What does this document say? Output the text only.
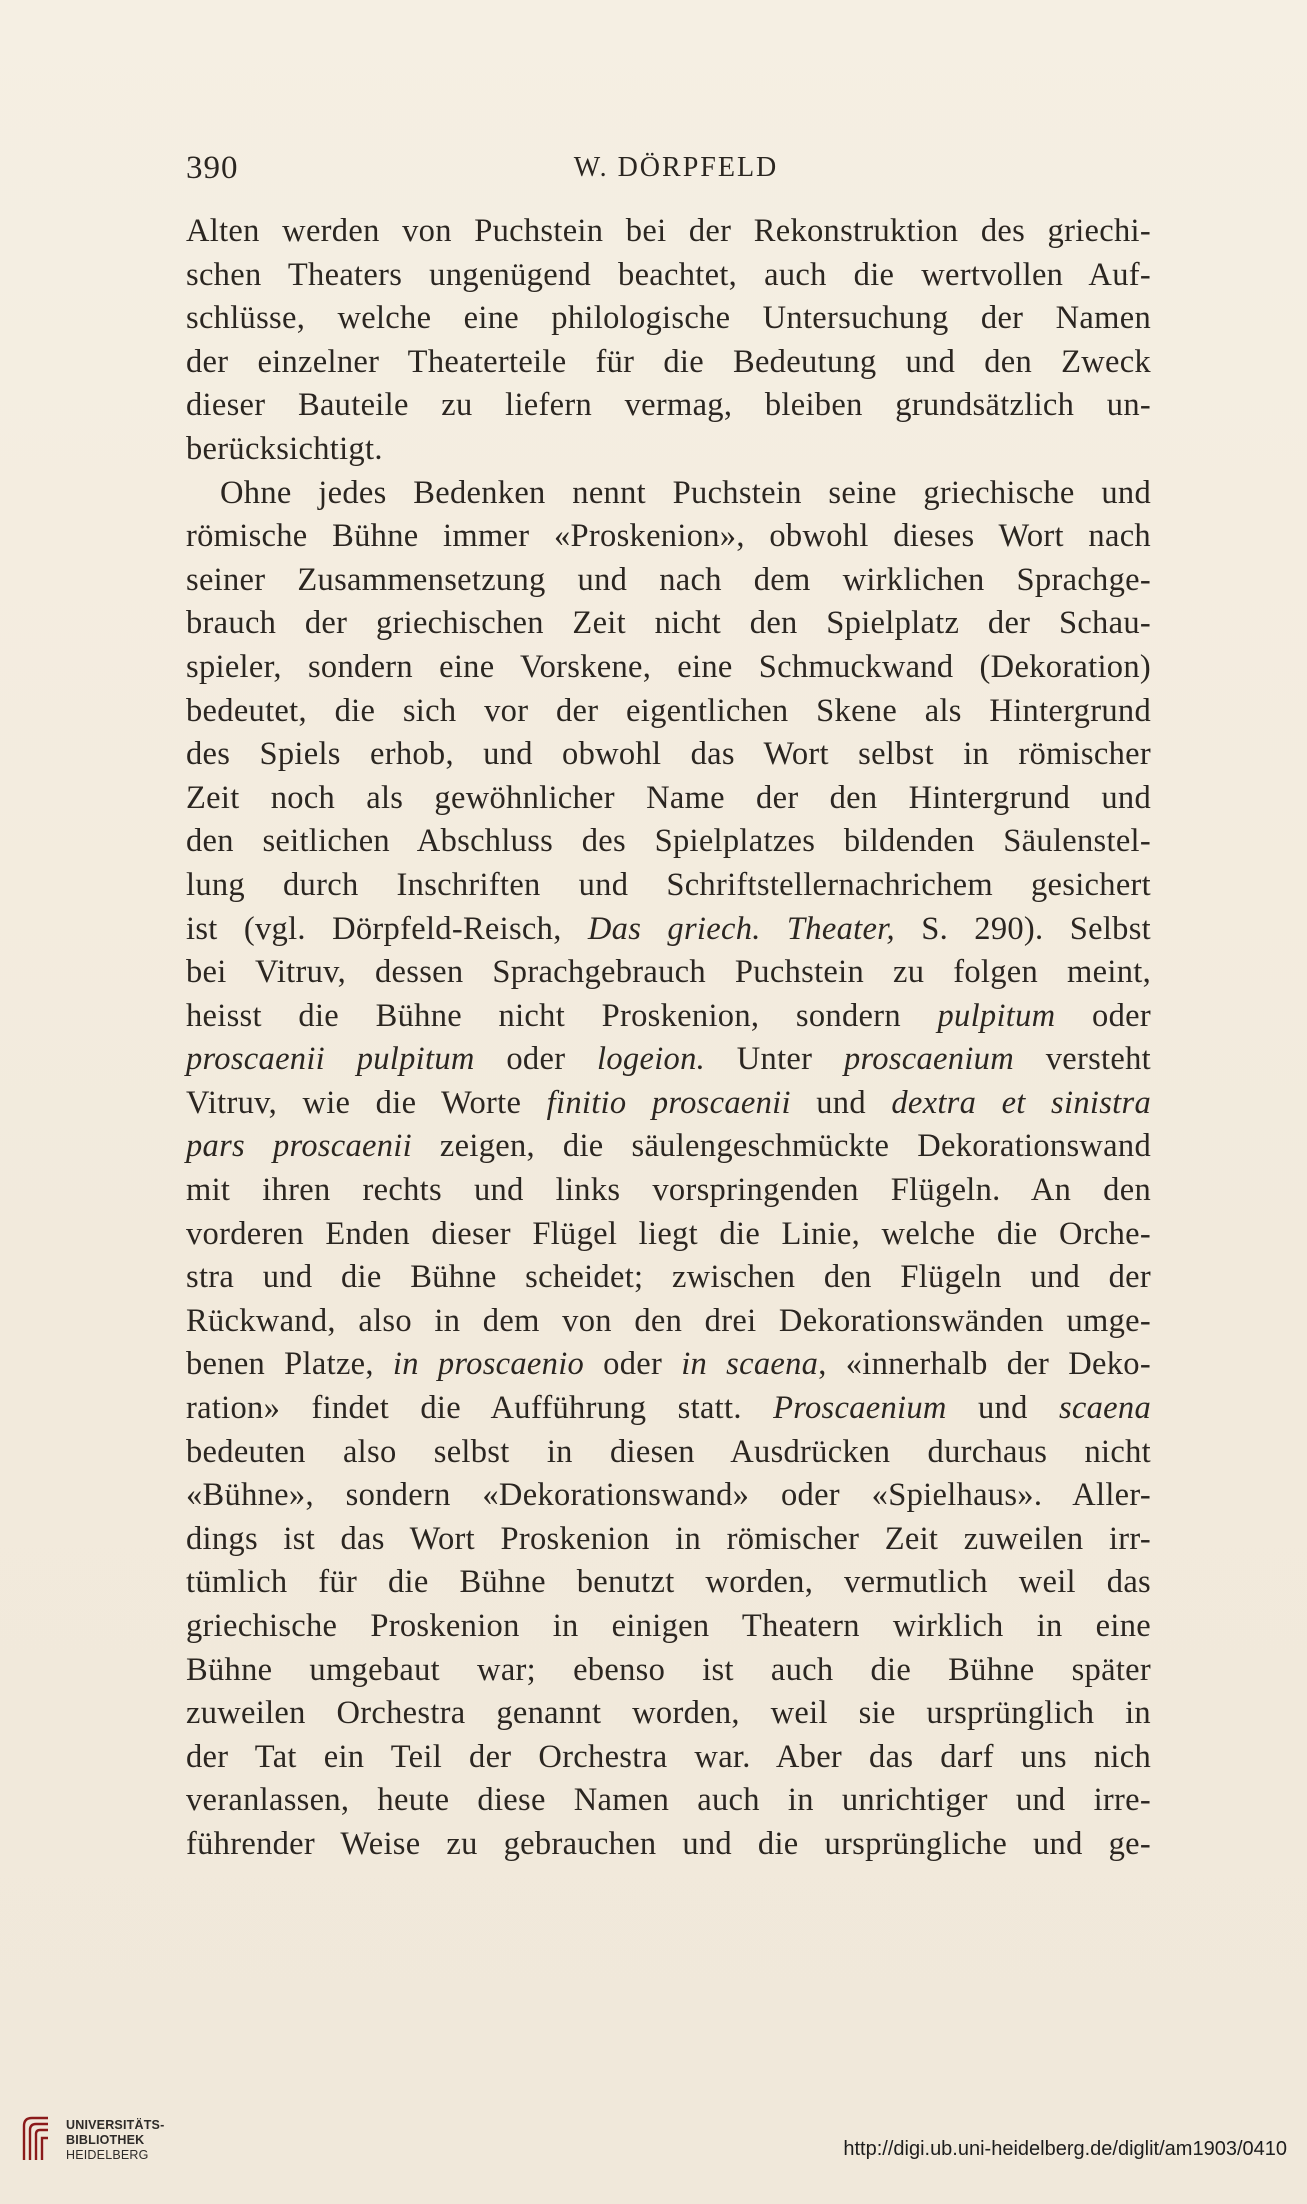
390	W. DÖRPFELD
Alten werden von Puchstein bei der Rekonstruktion des griechi-
schen Theaters ungenügend beachtet, auch die wertvollen Auf-
schlüsse, welche eine philologische Untersuchung der Namen
der einzelner Theaterteile für die Bedeutung und den Zweck
dieser Bauteile zu liefern vermag, bleiben grundsätzlich un-
berücksichtigt.
Ohne jedes Bedenken nennt Puchstein seine griechische und
römische Bühne immer «Proskenion», obwohl dieses Wort nach
seiner Zusammensetzung und nach dem wirklichen Sprachge-
brauch der griechischen Zeit nicht den Spielplatz der Schau-
spieler, sondern eine Vorskene, eine Schmuckwand (Dekoration)
bedeutet, die sich vor der eigentlichen Skene als Hintergrund
des Spiels erhob, und obwohl das Wort selbst in römischer
Zeit noch als gewöhnlicher Name der den Hintergrund und
den seitlichen Abschluss des Spielplatzes bildenden Säulenstel-
lung durch Inschriften und Schriftstellernachrichem gesichert
ist (vgl. Dörpfeld-Reisch, Das griech. Theater, S. 290). Selbst
bei Vitruv, dessen Sprachgebrauch Puchstein zu folgen meint,
heisst die Bühne nicht Proskenion, sondern pulpitum oder
proscaenii pulpitum oder logeion. Unter proscaenium versteht
Vitruv, wie die Worte finitio proscaenii und dextra et sinistra
pars proscaenii zeigen, die säulengeschmückte Dekorationswand
mit ihren rechts und links vorspringenden Flügeln. An den
vorderen Enden dieser Flügel liegt die Linie, welche die Orche-
stra und die Bühne scheidet; zwischen den Flügeln und der
Rückwand, also in dem von den drei Dekorationswänden umge-
benen Platze, in proscaenio oder in scaena, «innerhalb der Deko-
ration» findet die Aufführung statt. Proscaenium und scaena
bedeuten also selbst in diesen Ausdrücken durchaus nicht
«Bühne», sondern «Dekorationswand» oder «Spielhaus». Aller-
dings ist das Wort Proskenion in römischer Zeit zuweilen irr-
tümlich für die Bühne benutzt worden, vermutlich weil das
griechische Proskenion in einigen Theatern wirklich in eine
Bühne umgebaut war; ebenso ist auch die Bühne später
zuweilen Orchestra genannt worden, weil sie ursprünglich in
der Tat ein Teil der Orchestra war. Aber das darf uns nich
veranlassen, heute diese Namen auch in unrichtiger und irre-
führender Weise zu gebrauchen und die ursprüngliche und ge-
UNIVERSITÄTS-
BIBLIOTHEK
HEIDELBERG	http://digi.ub.uni-heidelberg.de/diglit/am1903/0410
